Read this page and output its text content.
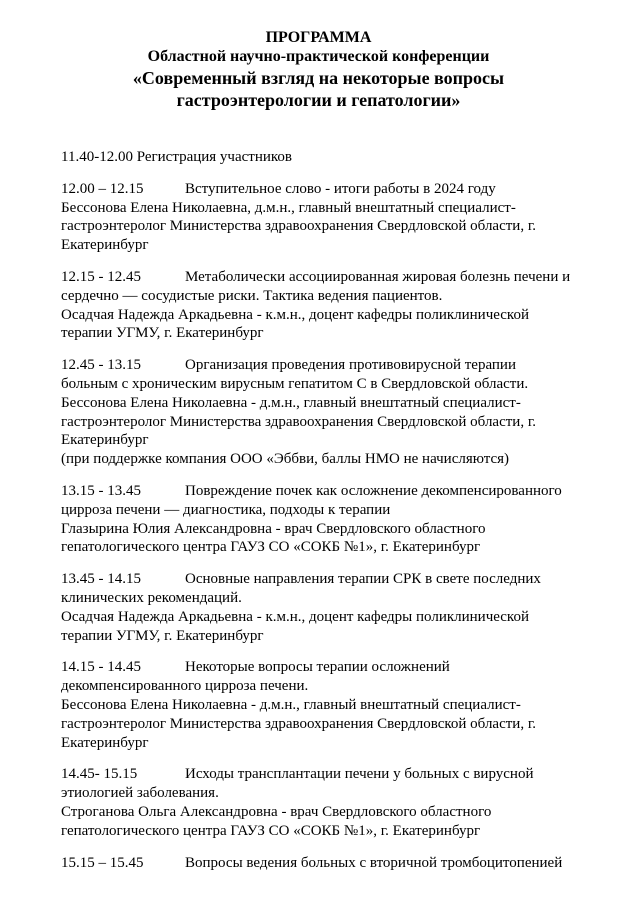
ПРОГРАММА
Областной научно-практической конференции
«Современный взгляд на некоторые вопросы гастроэнтерологии и гепатологии»

11.40-12.00 Регистрация участников

12.00 – 12.15	Вступительное слово - итоги работы в 2024 году
Бессонова Елена Николаевна, д.м.н., главный внештатный специалист-гастроэнтеролог Министерства здравоохранения Свердловской области, г. Екатеринбург
12.15 - 12.45	Метаболически ассоциированная жировая болезнь печени и сердечно — сосудистые риски. Тактика ведения пациентов.
Осадчая Надежда Аркадьевна - к.м.н., доцент кафедры поликлинической терапии УГМУ, г. Екатеринбург
12.45 - 13.15	Организация проведения противовирусной терапии больным с хроническим вирусным гепатитом С в Свердловской области.
Бессонова Елена Николаевна - д.м.н., главный внештатный специалист-гастроэнтеролог Министерства здравоохранения Свердловской области, г. Екатеринбург
(при поддержке компания ООО «Эббви, баллы НМО не начисляются)
13.15 - 13.45	Повреждение почек как осложнение декомпенсированного цирроза печени — диагностика, подходы к терапии
Глазырина Юлия Александровна - врач Свердловского областного гепатологического центра ГАУЗ СО «СОКБ №1», г. Екатеринбург
13.45 - 14.15	Основные направления терапии СРК в свете последних клинических рекомендаций.
Осадчая Надежда Аркадьевна - к.м.н., доцент кафедры поликлинической терапии УГМУ, г. Екатеринбург
14.15 - 14.45	Некоторые вопросы терапии осложнений декомпенсированного цирроза печени.
Бессонова Елена Николаевна - д.м.н., главный внештатный специалист-гастроэнтеролог Министерства здравоохранения Свердловской области, г. Екатеринбург
14.45- 15.15	Исходы трансплантации печени у больных с вирусной этиологией заболевания.
Строганова Ольга Александровна - врач Свердловского областного гепатологического центра ГАУЗ СО «СОКБ №1», г. Екатеринбург
15.15 – 15.45	Вопросы ведения больных с вторичной тромбоцитопенией
